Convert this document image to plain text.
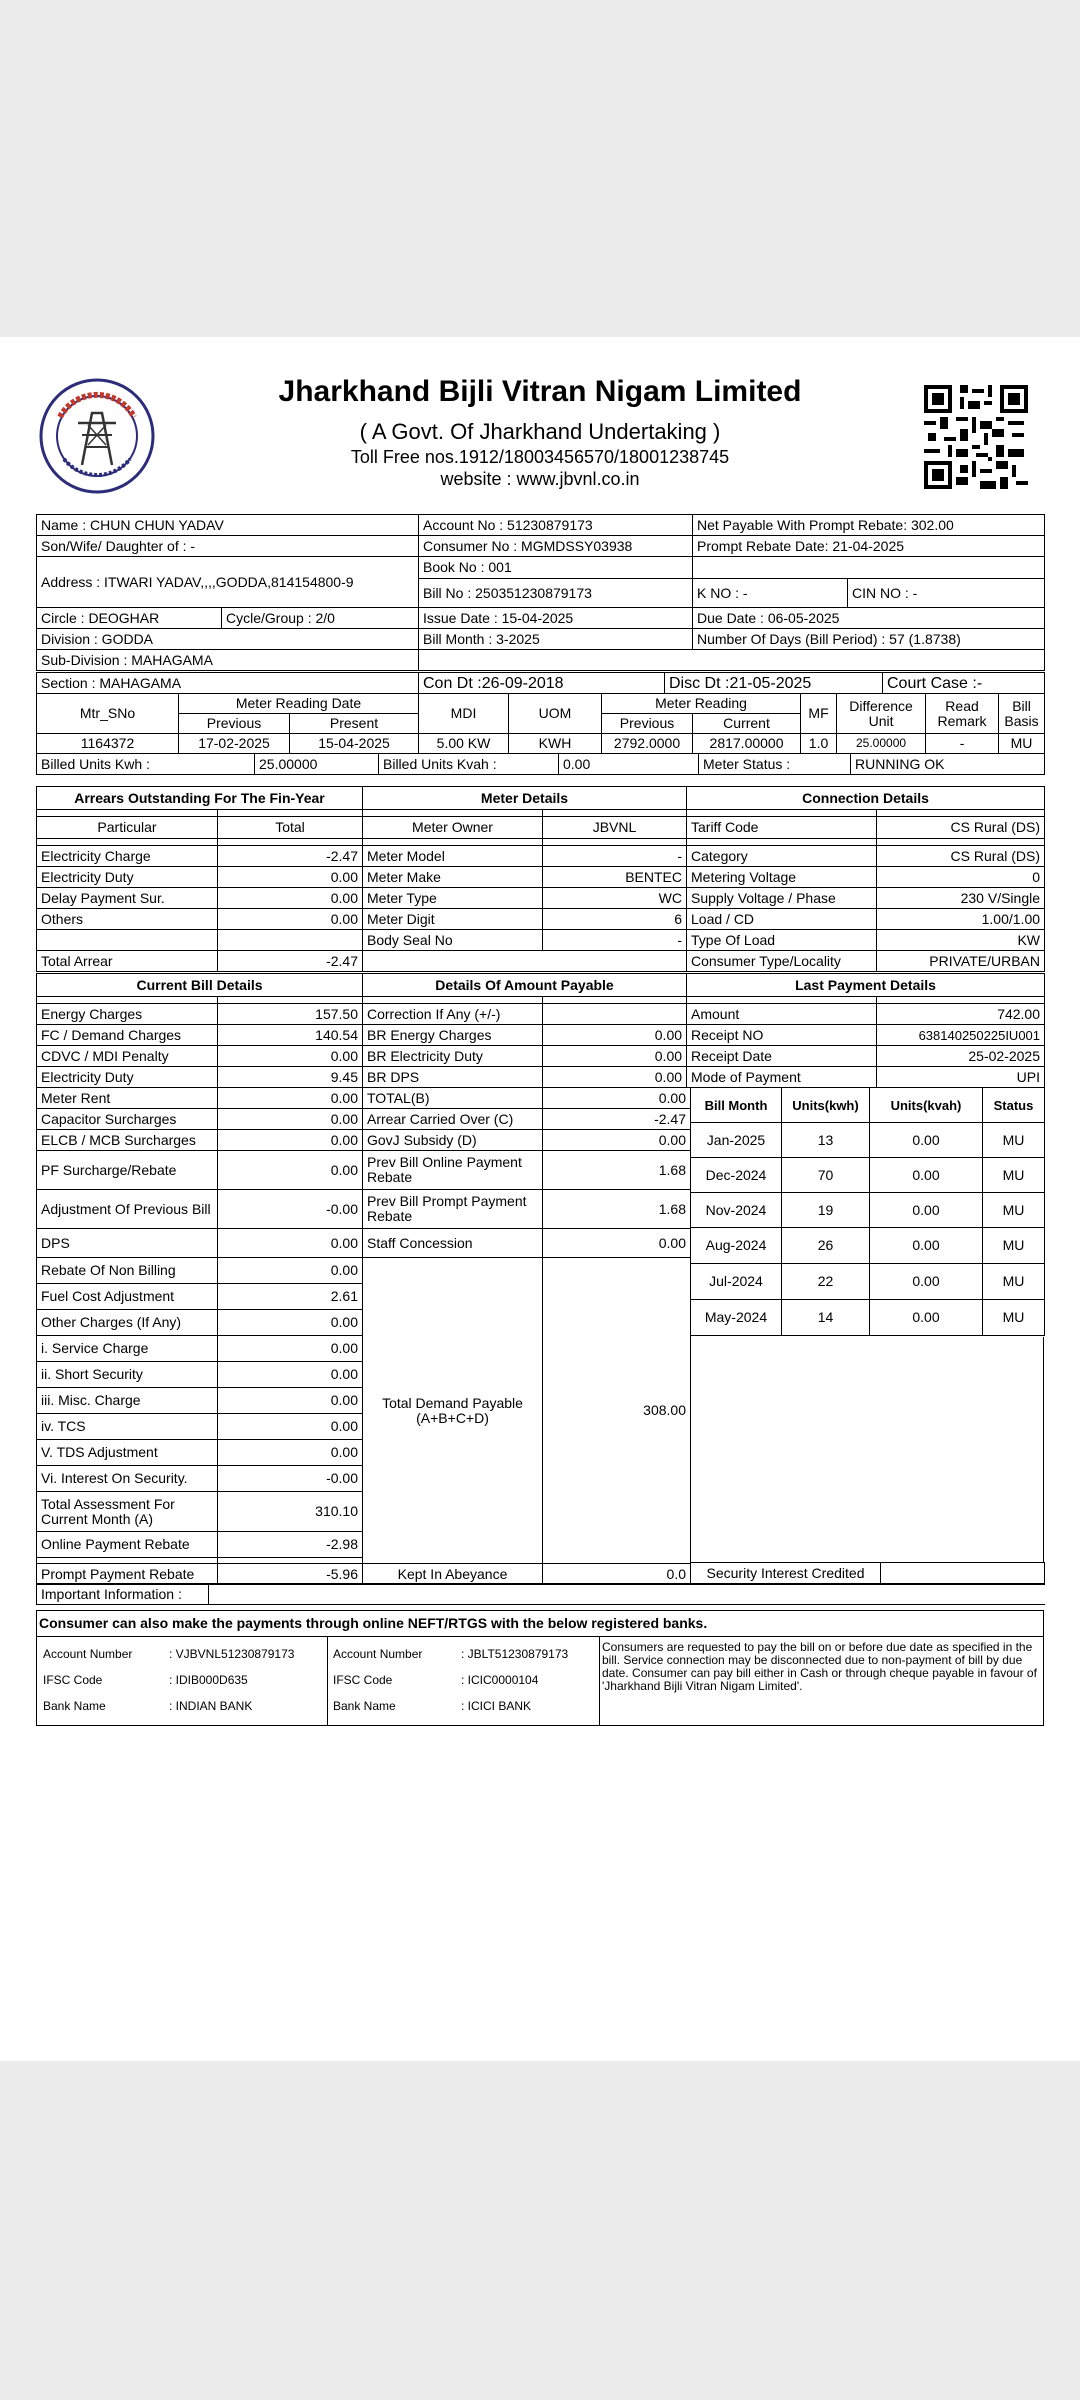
Jharkhand Bijli Vitran Nigam Limited
( A Govt. Of Jharkhand Undertaking )
Toll Free nos.1912/18003456570/18001238745
website : www.jbvnl.co.in
Name : CHUN CHUN YADAV		Account No : 51230879173	Net Payable With Prompt Rebate: 302.00	
Son/Wife/ Daughter of : -		Consumer No : MGMDSSY03938	Prompt Rebate Date: 21-04-2025	
Address : ITWARI YADAV,,,,GODDA,814154800-9		Book No : 001		
		Bill No : 250351230879173	K NO : -	CIN NO : -
Circle : DEOGHAR	Cycle/Group : 2/0	Issue Date : 15-04-2025	Due Date : 06-05-2025	
Division : GODDA		Bill Month : 3-2025	Number Of Days (Bill Period) : 57 (1.8738)	
Sub-Division : MAHAGAMA				
Section : MAHAGAMA	Con Dt :26-09-2018	Disc Dt :21-05-2025	Court Case :-
Mtr_SNo	Meter Reading Date		MDI	UOM	Meter Reading		MF	Difference Unit	Read Remark	Bill Basis
	Previous	Present			Previous	Current				
1164372	17-02-2025	15-04-2025	5.00 KW	KWH	2792.0000	2817.00000	1.0	25.00000	-	MU
Billed Units Kwh :	25.00000	Billed Units Kvah :	0.00	Meter Status :	RUNNING OK
Arrears Outstanding For The Fin-Year		Meter Details		Connection Details	

Particular	Total	Meter Owner	JBVNL	Tariff Code	CS Rural (DS)

Electricity Charge	-2.47	Meter Model	-	Category	CS Rural (DS)
Electricity Duty	0.00	Meter Make	BENTEC	Metering Voltage	0
Delay Payment Sur.	0.00	Meter Type	WC	Supply Voltage / Phase	230 V/Single
Others	0.00	Meter Digit	6	Load / CD	1.00/1.00
		Body Seal No	-	Type Of Load	KW
Total Arrear	-2.47			Consumer Type/Locality	PRIVATE/URBAN
Current Bill Details		Details Of Amount Payable		Last Payment Details	

Energy Charges	157.50	Correction If Any (+/-)		Amount	742.00
FC / Demand Charges	140.54	BR Energy Charges	0.00	Receipt NO	638140250225IU001
CDVC / MDI Penalty	0.00	BR Electricity Duty	0.00	Receipt Date	25-02-2025
Electricity Duty	9.45	BR DPS	0.00	Mode of Payment	UPI
Meter Rent	0.00	TOTAL(B)	0.00
Capacitor Surcharges	0.00	Arrear Carried Over (C)	-2.47
ELCB / MCB Surcharges	0.00	GovJ Subsidy (D)	0.00
PF Surcharge/Rebate	0.00	Prev Bill Online Payment Rebate	1.68
Adjustment Of Previous Bill	-0.00	Prev Bill Prompt Payment Rebate	1.68
DPS	0.00	Staff Concession	0.00
Rebate Of Non Billing	0.00	Total Demand Payable (A+B+C+D)	308.00
Fuel Cost Adjustment	2.61		
Other Charges (If Any)	0.00		
i. Service Charge	0.00		
ii. Short Security	0.00		
iii. Misc. Charge	0.00		
iv. TCS	0.00		
V. TDS Adjustment	0.00		
Vi. Interest On Security.	-0.00		
Total Assessment For Current Month (A)	310.10		
Online Payment Rebate	-2.98		

Prompt Payment Rebate	-5.96	Kept In Abeyance	0.0
Bill Month	Units(kwh)	Units(kvah)	Status
Jan-2025	13	0.00	MU
Dec-2024	70	0.00	MU
Nov-2024	19	0.00	MU
Aug-2024	26	0.00	MU
Jul-2024	22	0.00	MU
May-2024	14	0.00	MU
Security Interest Credited	
Important Information :	
Consumer can also make the payments through online NEFT/RTGS with the below registered banks.
Account Number	: VJBVNL51230879173
IFSC Code	: IDIB000D635
Bank Name	: INDIAN BANK
Account Number	: JBLT51230879173
IFSC Code	: ICIC0000104
Bank Name	: ICICI BANK
Consumers are requested to pay the bill on or before due date as specified in the bill. Service connection may be disconnected due to non-payment of bill by due date. Consumer can pay bill either in Cash or through cheque payable in favour of 'Jharkhand Bijli Vitran Nigam Limited'.
